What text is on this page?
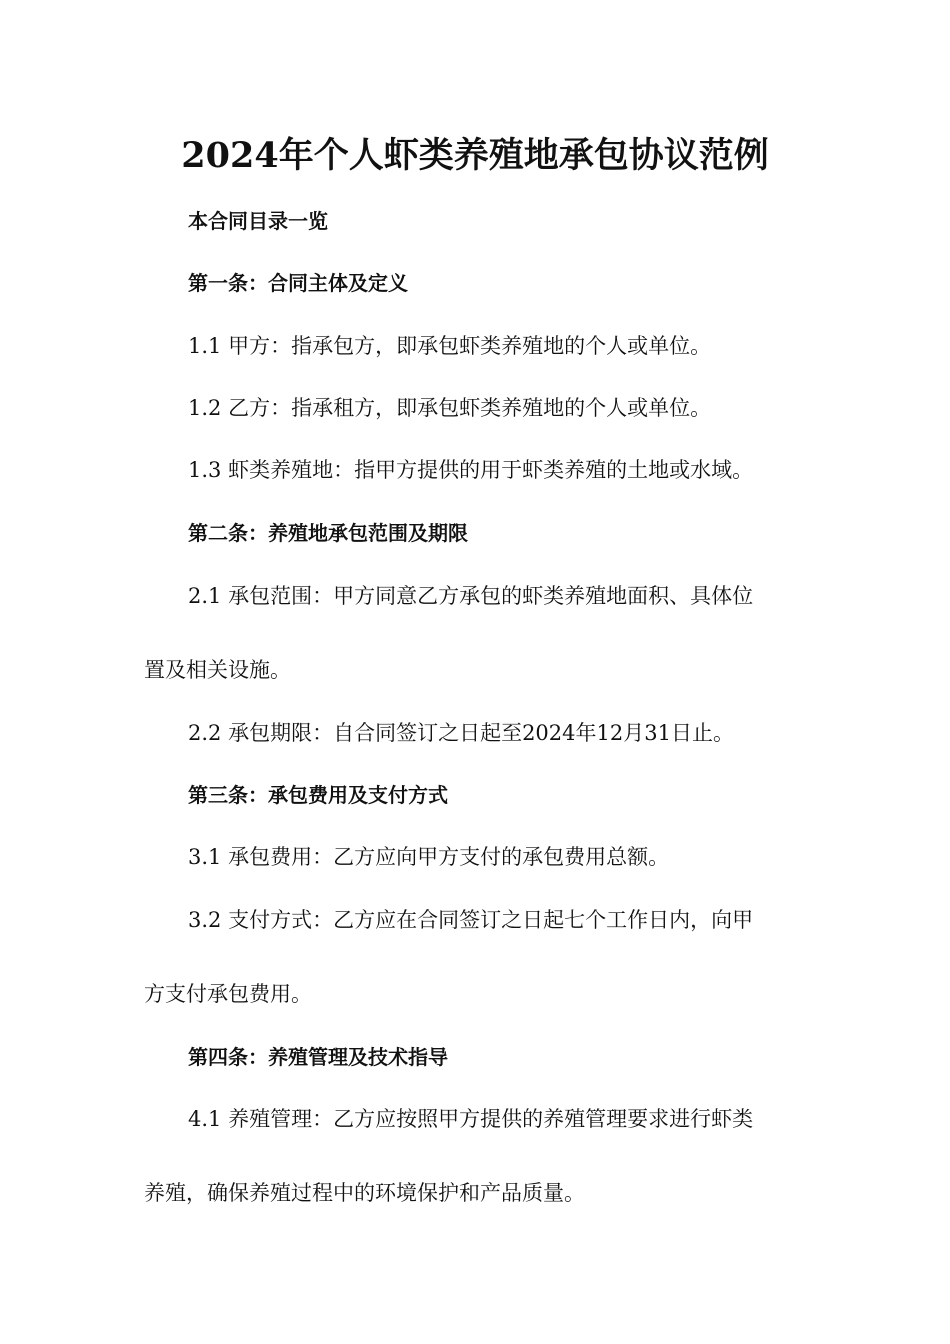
2024年个人虾类养殖地承包协议范例
本合同目录一览
第一条：合同主体及定义
1.1 甲方：指承包方，即承包虾类养殖地的个人或单位。
1.2 乙方：指承租方，即承包虾类养殖地的个人或单位。
1.3 虾类养殖地：指甲方提供的用于虾类养殖的土地或水域。
第二条：养殖地承包范围及期限
2.1 承包范围：甲方同意乙方承包的虾类养殖地面积、具体位
置及相关设施。
2.2 承包期限：自合同签订之日起至2024年12月31日止。
第三条：承包费用及支付方式
3.1 承包费用：乙方应向甲方支付的承包费用总额。
3.2 支付方式：乙方应在合同签订之日起七个工作日内，向甲
方支付承包费用。
第四条：养殖管理及技术指导
4.1 养殖管理：乙方应按照甲方提供的养殖管理要求进行虾类
养殖，确保养殖过程中的环境保护和产品质量。
